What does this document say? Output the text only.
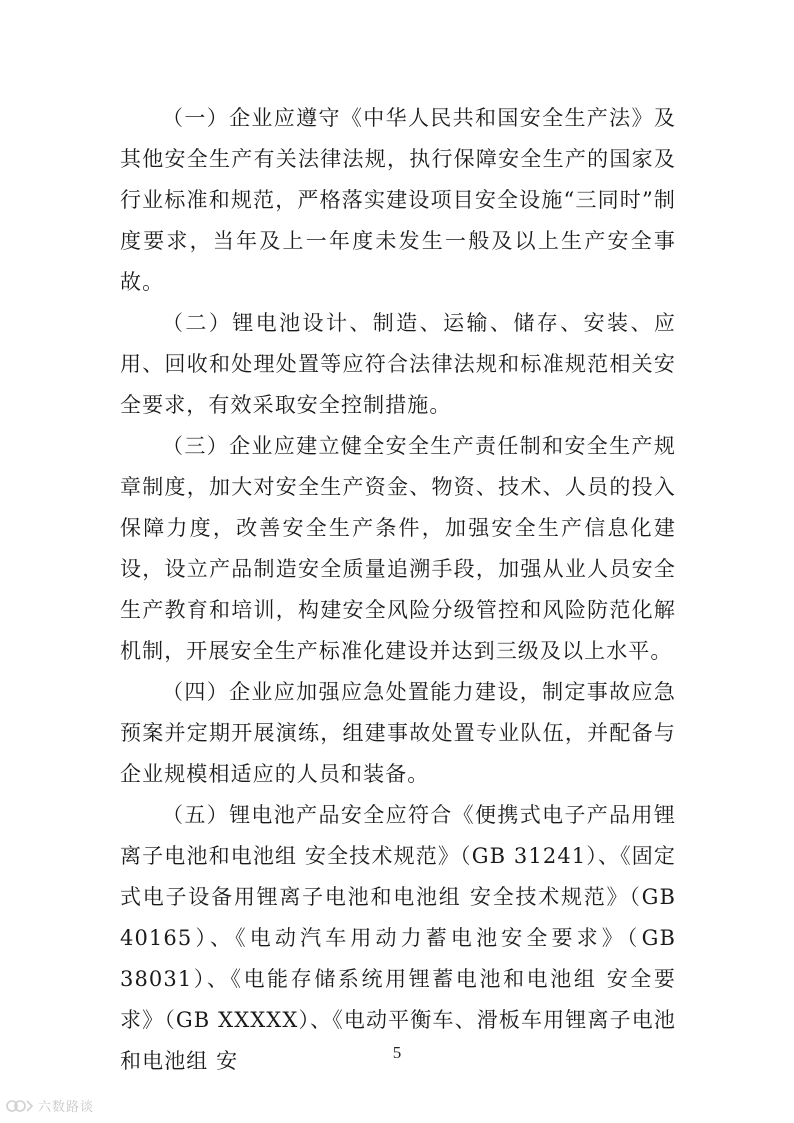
（一）企业应遵守《中华人民共和国安全生产法》及其他安全生产有关法律法规，执行保障安全生产的国家及行业标准和规范，严格落实建设项目安全设施“三同时”制度要求，当年及上一年度未发生一般及以上生产安全事故。

（二）锂电池设计、制造、运输、储存、安装、应用、回收和处理处置等应符合法律法规和标准规范相关安全要求，有效采取安全控制措施。

（三）企业应建立健全安全生产责任制和安全生产规章制度，加大对安全生产资金、物资、技术、人员的投入保障力度，改善安全生产条件，加强安全生产信息化建设，设立产品制造安全质量追溯手段，加强从业人员安全生产教育和培训，构建安全风险分级管控和风险防范化解机制，开展安全生产标准化建设并达到三级及以上水平。

（四）企业应加强应急处置能力建设，制定事故应急预案并定期开展演练，组建事故处置专业队伍，并配备与企业规模相适应的人员和装备。

（五）锂电池产品安全应符合《便携式电子产品用锂离子电池和电池组 安全技术规范》（GB 31241）、《固定式电子设备用锂离子电池和电池组 安全技术规范》（GB 40165）、《电动汽车用动力蓄电池安全要求》（GB 38031）、《电能存储系统用锂蓄电池和电池组 安全要求》（GB XXXXX）、《电动平衡车、滑板车用锂离子电池和电池组 安	5
六数路谈
